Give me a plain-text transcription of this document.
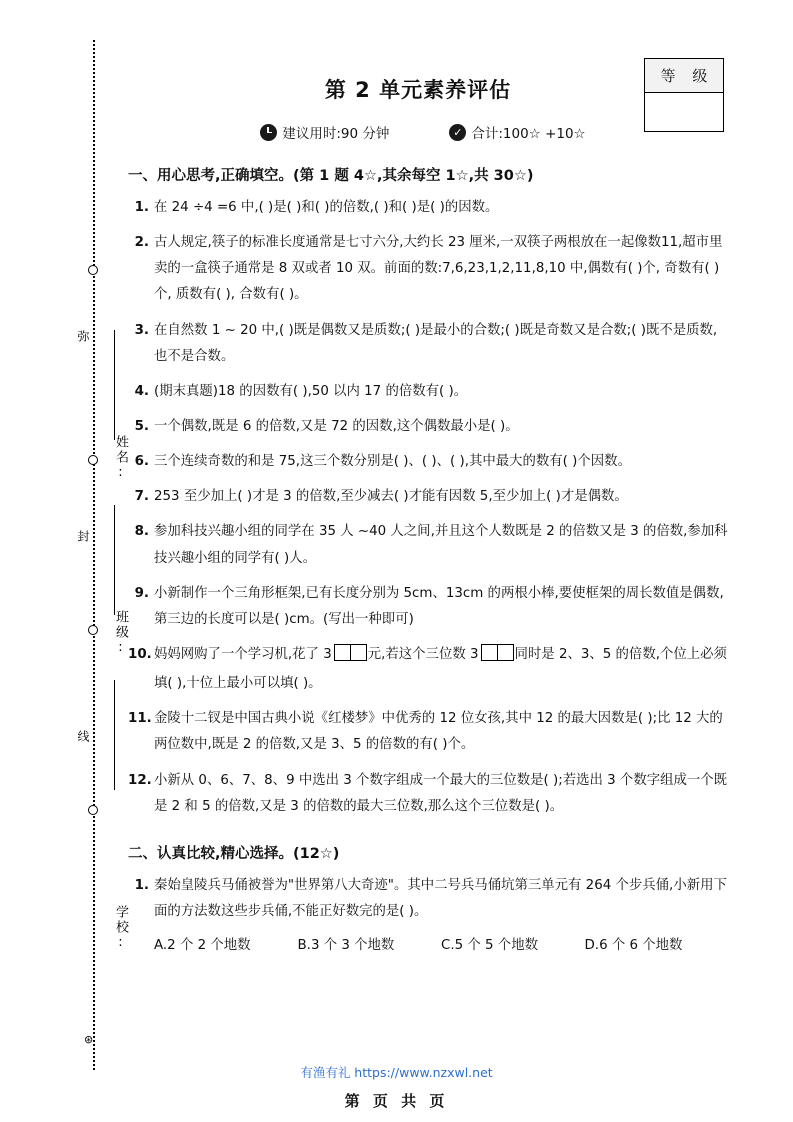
姓名:
班级:
学校:
弥
封
线
⊛
等 级
第 2 单元素养评估
建议用时:90 分钟 ✓	合计:100☆ +10☆
一、用心思考,正确填空。(第 1 题 4☆,其余每空 1☆,共 30☆)
1. 在 24 ÷4 =6 中,( )是( )和( )的倍数,( )和( )是( )的因数。
2. 古人规定,筷子的标准长度通常是七寸六分,大约长 23 厘米,一双筷子两根放在一起像数11,超市里卖的一盒筷子通常是 8 双或者 10 双。前面的数:7,6,23,1,2,11,8,10 中,偶数有( )个, 奇数有( )个, 质数有( ), 合数有( )。
3. 在自然数 1 ~ 20 中,( )既是偶数又是质数;( )是最小的合数;( )既是奇数又是合数;( )既不是质数,也不是合数。
4. (期末真题)18 的因数有( ),50 以内 17 的倍数有( )。
5. 一个偶数,既是 6 的倍数,又是 72 的因数,这个偶数最小是( )。
6. 三个连续奇数的和是 75,这三个数分别是( )、( )、( ),其中最大的数有( )个因数。
7. 253 至少加上( )才是 3 的倍数,至少减去( )才能有因数 5,至少加上( )才是偶数。
8. 参加科技兴趣小组的同学在 35 人 ~40 人之间,并且这个人数既是 2 的倍数又是 3 的倍数,参加科技兴趣小组的同学有( )人。
9. 小新制作一个三角形框架,已有长度分别为 5cm、13cm 的两根小棒,要使框架的周长数值是偶数,第三边的长度可以是( )cm。(写出一种即可)
10. 妈妈网购了一个学习机,花了 3	元,若这个三位数 3	同时是 2、3、5 的倍数,个位上必须填( ),十位上最小可以填( )。
11. 金陵十二钗是中国古典小说《红楼梦》中优秀的 12 位女孩,其中 12 的最大因数是( );比 12 大的两位数中,既是 2 的倍数,又是 3、5 的倍数的有( )个。
12. 小新从 0、6、7、8、9 中选出 3 个数字组成一个最大的三位数是( );若选出 3 个数字组成一个既是 2 和 5 的倍数,又是 3 的倍数的最大三位数,那么这个三位数是( )。
二、认真比较,精心选择。(12☆)
1. 秦始皇陵兵马俑被誉为"世界第八大奇迹"。其中二号兵马俑坑第三单元有 264 个步兵俑,小新用下面的方法数这些步兵俑,不能正好数完的是( )。
A.2 个 2 个地数	B.3 个 3 个地数	C.5 个 5 个地数	D.6 个 6 个地数
有渔有礼 https://www.nzxwl.net
第 页 共 页
